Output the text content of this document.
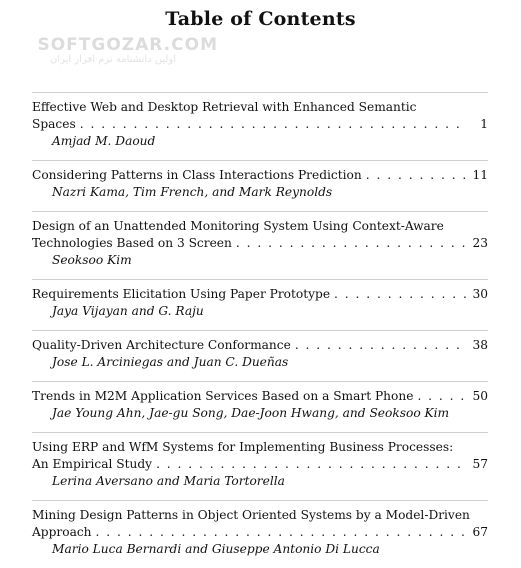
Table of Contents
SOFTGOZAR.COM
اولین دانشنامه نرم افزار ایران
Effective Web and Desktop Retrieval with Enhanced Semantic
Spaces . . .	1
Amjad M. Daoud
Considering Patterns in Class Interactions Prediction . . .	11
Nazri Kama, Tim French, and Mark Reynolds
Design of an Unattended Monitoring System Using Context-Aware
Technologies Based on 3 Screen . . .	23
Seoksoo Kim
Requirements Elicitation Using Paper Prototype . . .	30
Jaya Vijayan and G. Raju
Quality-Driven Architecture Conformance . . .	38
Jose L. Arciniegas and Juan C. Dueñas
Trends in M2M Application Services Based on a Smart Phone . . .	50
Jae Young Ahn, Jae-gu Song, Dae-Joon Hwang, and Seoksoo Kim
Using ERP and WfM Systems for Implementing Business Processes:
An Empirical Study . . .	57
Lerina Aversano and Maria Tortorella
Mining Design Patterns in Object Oriented Systems by a Model-Driven
Approach . . .	67
Mario Luca Bernardi and Giuseppe Antonio Di Lucca
